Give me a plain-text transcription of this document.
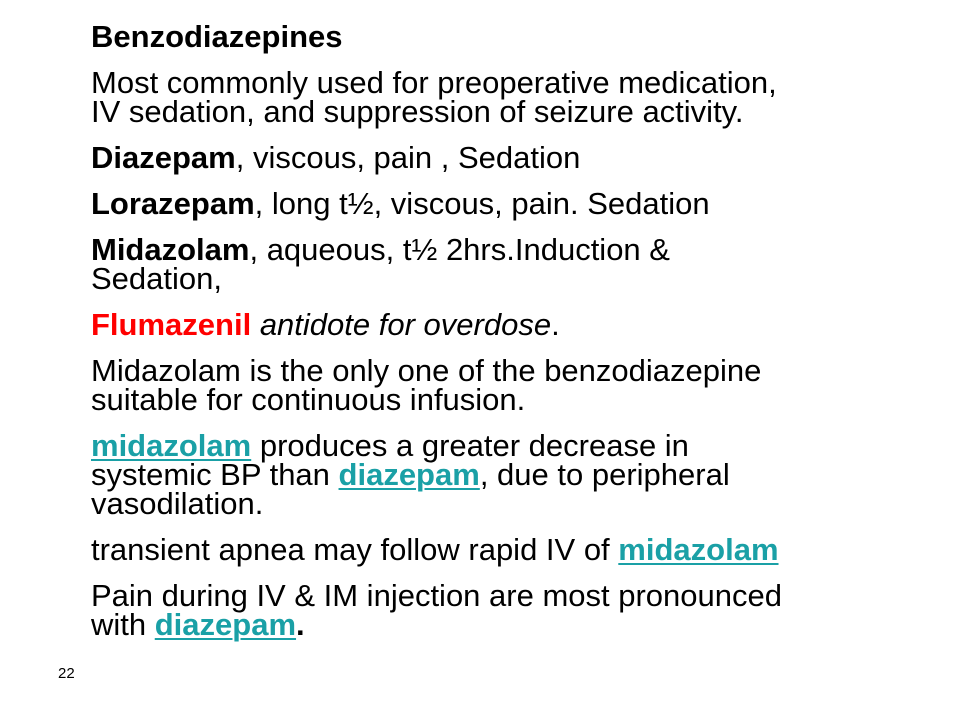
Benzodiazepines

Most commonly used for preoperative medication,

IV sedation, and suppression of seizure activity.

Diazepam, viscous, pain , Sedation

Lorazepam, long t½, viscous, pain. Sedation

Midazolam, aqueous, t½ 2hrs.Induction &

Sedation,

Flumazenil antidote for overdose.

Midazolam is the only one of the benzodiazepine

suitable for continuous infusion.

midazolam produces a greater decrease in

systemic BP than diazepam, due to peripheral

vasodilation.

transient apnea may follow rapid IV of midazolam

Pain during IV & IM injection are most pronounced

with diazepam.

22
